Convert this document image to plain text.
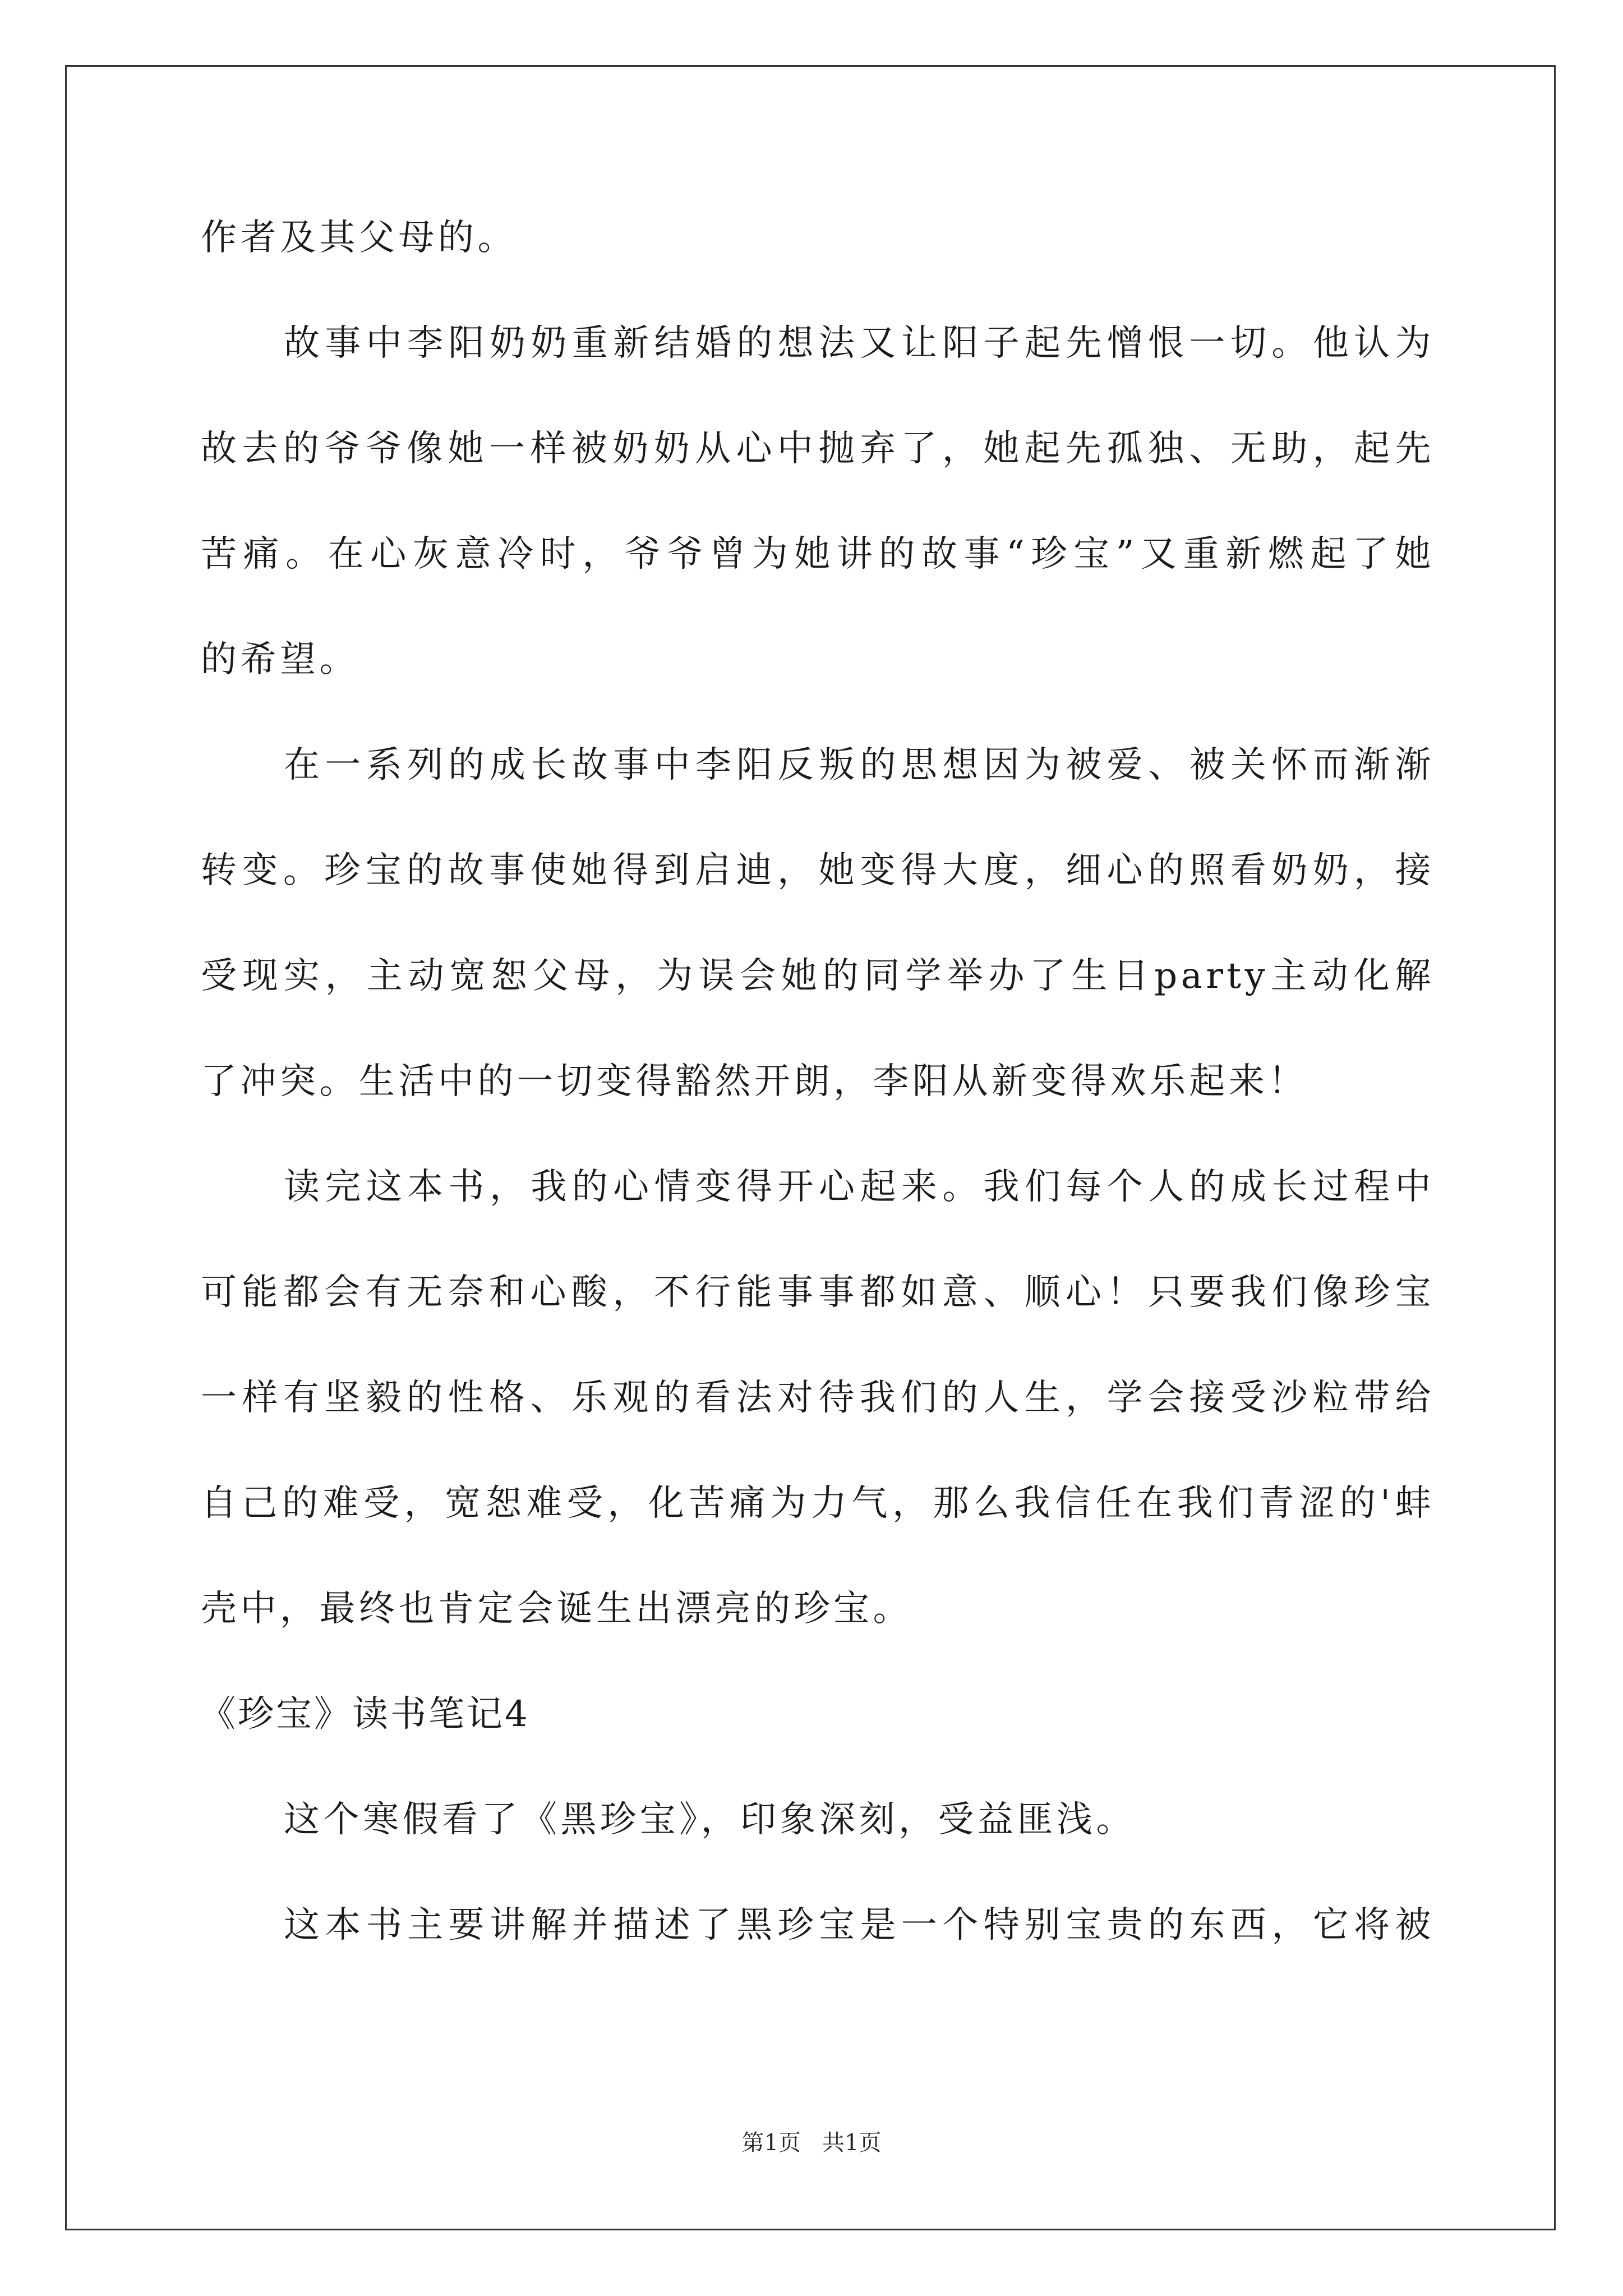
作者及其父母的。
故事中李阳奶奶重新结婚的想法又让阳子起先憎恨一切。他认为
故去的爷爷像她一样被奶奶从心中抛弃了，她起先孤独、无助，起先
苦痛。在心灰意冷时，爷爷曾为她讲的故事“珍宝”又重新燃起了她
的希望。
在一系列的成长故事中李阳反叛的思想因为被爱、被关怀而渐渐
转变。珍宝的故事使她得到启迪，她变得大度，细心的照看奶奶，接
受现实，主动宽恕父母，为误会她的同学举办了生日party主动化解
了冲突。生活中的一切变得豁然开朗，李阳从新变得欢乐起来！
读完这本书，我的心情变得开心起来。我们每个人的成长过程中
可能都会有无奈和心酸，不行能事事都如意、顺心！只要我们像珍宝
一样有坚毅的性格、乐观的看法对待我们的人生，学会接受沙粒带给
自己的难受，宽恕难受，化苦痛为力气，那么我信任在我们青涩的'蚌
壳中，最终也肯定会诞生出漂亮的珍宝。
《珍宝》读书笔记4
这个寒假看了《黑珍宝》，印象深刻，受益匪浅。
这本书主要讲解并描述了黑珍宝是一个特别宝贵的东西，它将被
第1页 共1页
